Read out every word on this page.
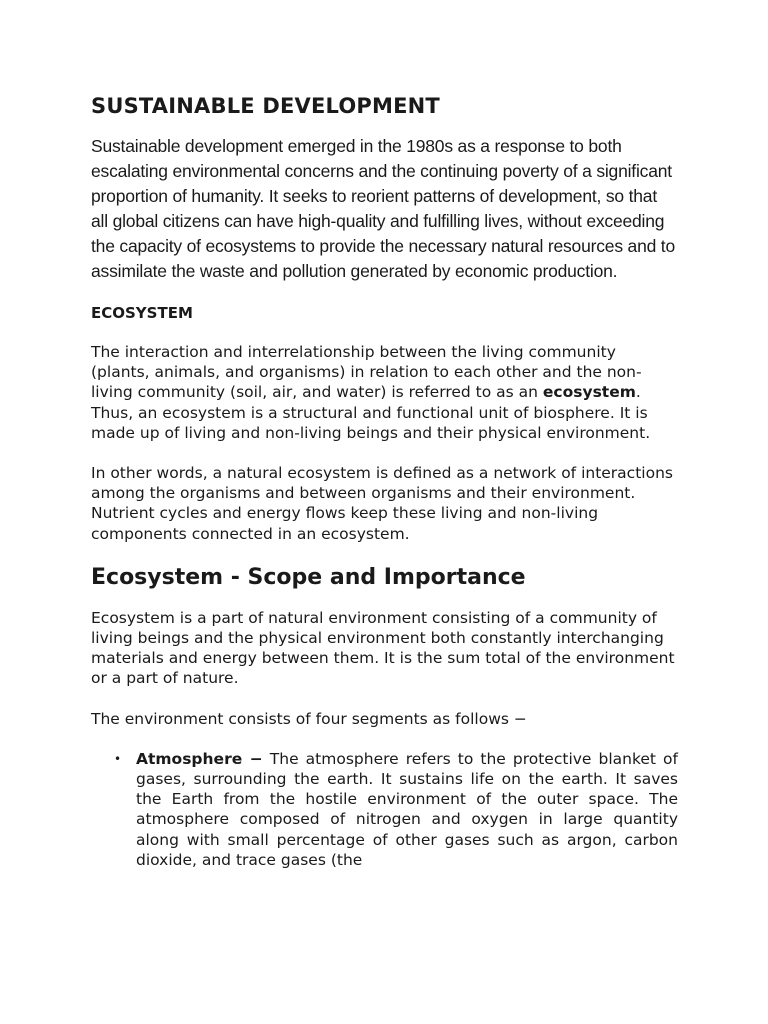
SUSTAINABLE DEVELOPMENT

Sustainable development emerged in the 1980s as a response to both escalating environmental concerns and the continuing poverty of a significant proportion of humanity. It seeks to reorient patterns of development, so that all global citizens can have high-quality and fulfilling lives, without exceeding the capacity of ecosystems to provide the necessary natural resources and to assimilate the waste and pollution generated by economic production.

ECOSYSTEM

The interaction and interrelationship between the living community (plants, animals, and organisms) in relation to each other and the non-living community (soil, air, and water) is referred to as an ecosystem. Thus, an ecosystem is a structural and functional unit of biosphere. It is made up of living and non-living beings and their physical environment.

In other words, a natural ecosystem is defined as a network of interactions among the organisms and between organisms and their environment. Nutrient cycles and energy flows keep these living and non-living components connected in an ecosystem.

Ecosystem - Scope and Importance

Ecosystem is a part of natural environment consisting of a community of living beings and the physical environment both constantly interchanging materials and energy between them. It is the sum total of the environment or a part of nature.

The environment consists of four segments as follows −

• Atmosphere − The atmosphere refers to the protective blanket of gases, surrounding the earth. It sustains life on the earth. It saves the Earth from the hostile environment of the outer space. The atmosphere composed of nitrogen and oxygen in large quantity along with small percentage of other gases such as argon, carbon dioxide, and trace gases (the
